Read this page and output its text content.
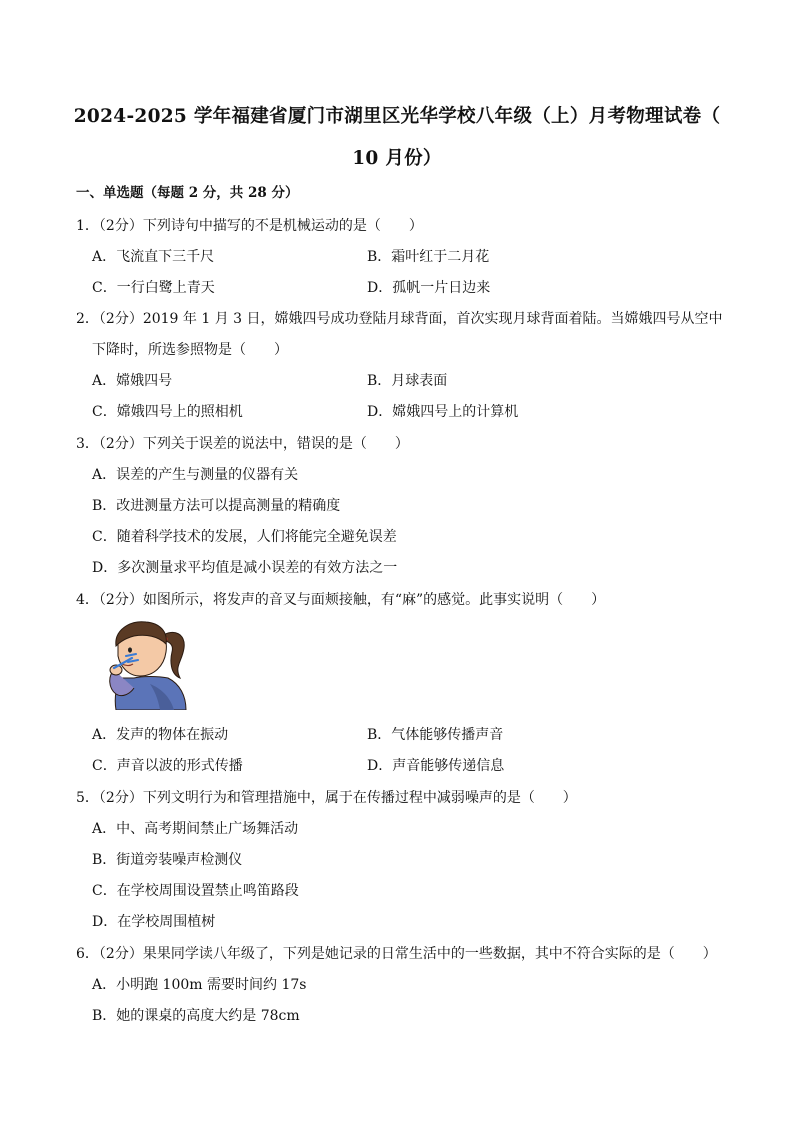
2024-2025 学年福建省厦门市湖里区光华学校八年级（上）月考物理试卷（
10 月份）
一、单选题（每题 2 分，共 28 分）
1．（2分）下列诗句中描写的不是机械运动的是（　　）
A．飞流直下三千尺	B．霜叶红于二月花
C．一行白鹭上青天	D．孤帆一片日边来
2．（2分）2019 年 1 月 3 日，嫦娥四号成功登陆月球背面，首次实现月球背面着陆。当嫦娥四号从空中
下降时，所选参照物是（　　）
A．嫦娥四号	B．月球表面
C．嫦娥四号上的照相机	D．嫦娥四号上的计算机
3．（2分）下列关于误差的说法中，错误的是（　　）
A．误差的产生与测量的仪器有关
B．改进测量方法可以提高测量的精确度
C．随着科学技术的发展，人们将能完全避免误差
D．多次测量求平均值是减小误差的有效方法之一
4．（2分）如图所示，将发声的音叉与面颊接触，有“麻”的感觉。此事实说明（　　）
A．发声的物体在振动	B．气体能够传播声音
C．声音以波的形式传播	D．声音能够传递信息
5．（2分）下列文明行为和管理措施中，属于在传播过程中减弱噪声的是（　　）
A．中、高考期间禁止广场舞活动
B．街道旁装噪声检测仪
C．在学校周围设置禁止鸣笛路段
D．在学校周围植树
6．（2分）果果同学读八年级了，下列是她记录的日常生活中的一些数据，其中不符合实际的是（　　）
A．小明跑 100m 需要时间约 17s
B．她的课桌的高度大约是 78cm
